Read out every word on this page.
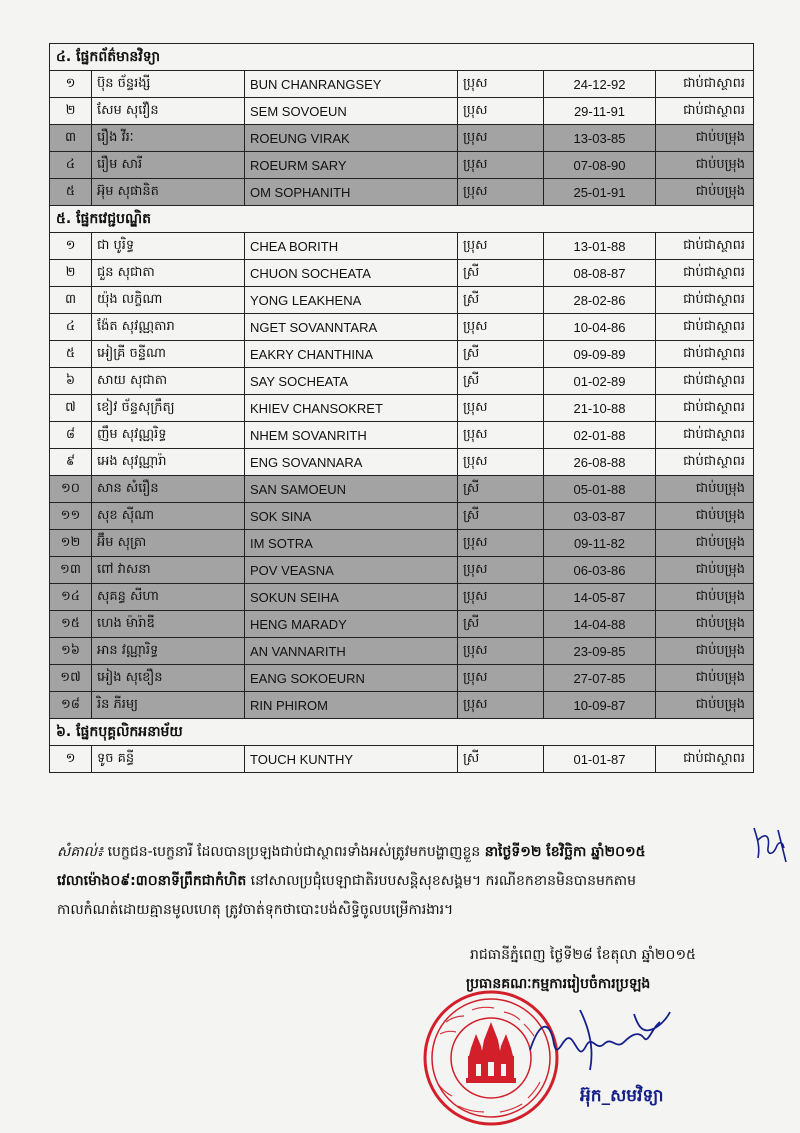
៤. ផ្នែកព័ត៌មានវិទ្យា					
១	ប៊ុន ច័ន្ទរង្សី	BUN CHANRANGSEY	ប្រុស	24-12-92	ជាប់ជាស្ថាពរ
២	សែម សុវឿន	SEM SOVOEUN	ប្រុស	29-11-91	ជាប់ជាស្ថាពរ
៣	រឿង វីរៈ	ROEUNG VIRAK	ប្រុស	13-03-85	ជាប់បម្រុង
៤	រឿម សារី	ROEURM SARY	ប្រុស	07-08-90	ជាប់បម្រុង
៥	អ៊ុម សុផានិត	OM SOPHANITH	ប្រុស	25-01-91	ជាប់បម្រុង
៥. ផ្នែកវេជ្ជបណ្ឌិត					
១	ជា បូរិទ្ធ	CHEA BORITH	ប្រុស	13-01-88	ជាប់ជាស្ថាពរ
២	ជួន សុជាតា	CHUON SOCHEATA	ស្រី	08-08-87	ជាប់ជាស្ថាពរ
៣	យ៉ុង លក្ខិណា	YONG LEAKHENA	ស្រី	28-02-86	ជាប់ជាស្ថាពរ
៤	ង៉ែត សុវណ្ណតារា	NGET SOVANNTARA	ប្រុស	10-04-86	ជាប់ជាស្ថាពរ
៥	អៀគ្រី ចន្ទីណា	EAKRY CHANTHINA	ស្រី	09-09-89	ជាប់ជាស្ថាពរ
៦	សាយ សុជាតា	SAY SOCHEATA	ស្រី	01-02-89	ជាប់ជាស្ថាពរ
៧	ខៀវ ច័ន្ទសុក្រឹត្យ	KHIEV CHANSOKRET	ប្រុស	21-10-88	ជាប់ជាស្ថាពរ
៨	ញឹម សុវណ្ណរិទ្ធ	NHEM SOVANRITH	ប្រុស	02-01-88	ជាប់ជាស្ថាពរ
៩	អេង សុវណ្ណារ៉ា	ENG SOVANNARA	ប្រុស	26-08-88	ជាប់ជាស្ថាពរ
១០	សាន សំរឿន	SAN SAMOEUN	ស្រី	05-01-88	ជាប់បម្រុង
១១	សុខ ស៊ីណា	SOK SINA	ស្រី	03-03-87	ជាប់បម្រុង
១២	អ៊ឹម សុត្រា	IM SOTRA	ប្រុស	09-11-82	ជាប់បម្រុង
១៣	ពៅ វាសនា	POV VEASNA	ប្រុស	06-03-86	ជាប់បម្រុង
១៤	សុគន្ធ សីហា	SOKUN SEIHA	ប្រុស	14-05-87	ជាប់បម្រុង
១៥	ហេង ម៉ារ៉ាឌី	HENG MARADY	ស្រី	14-04-88	ជាប់បម្រុង
១៦	អាន វណ្ណារិទ្ធ	AN VANNARITH	ប្រុស	23-09-85	ជាប់បម្រុង
១៧	អៀង សុខឿន	EANG SOKOEURN	ប្រុស	27-07-85	ជាប់បម្រុង
១៨	រិន ភីរម្យ	RIN PHIROM	ប្រុស	10-09-87	ជាប់បម្រុង
៦. ផ្នែកបុគ្គលិកអនាម័យ					
១	ទូច គន្ធី	TOUCH KUNTHY	ស្រី	01-01-87	ជាប់ជាស្ថាពរ
សំគាល់៖ បេក្ខជន-បេក្ខនារី ដែលបានប្រឡងជាប់ជាស្ថាពរទាំងអស់ត្រូវមកបង្ហាញខ្លួន នាថ្ងៃទី១២ ខែវិច្ឆិកា ឆ្នាំ២០១៥
វេលាម៉ោង០៩:៣០នាទីព្រឹកជាកំហិត នៅសាលប្រជុំបេឡាជាតិរបបសន្តិសុខសង្គម។ ករណីខកខានមិនបានមកតាម
កាលកំណត់ដោយគ្មានមូលហេតុ ត្រូវចាត់ទុកថាបោះបង់សិទ្ធិចូលបម្រើការងារ។
រាជធានីភ្នំពេញ ថ្ងៃទី២៨ ខែតុលា ឆ្នាំ២០១៥
ប្រធានគណៈកម្មការរៀបចំការប្រឡង
អ៊ុក_សមវិទ្យា
